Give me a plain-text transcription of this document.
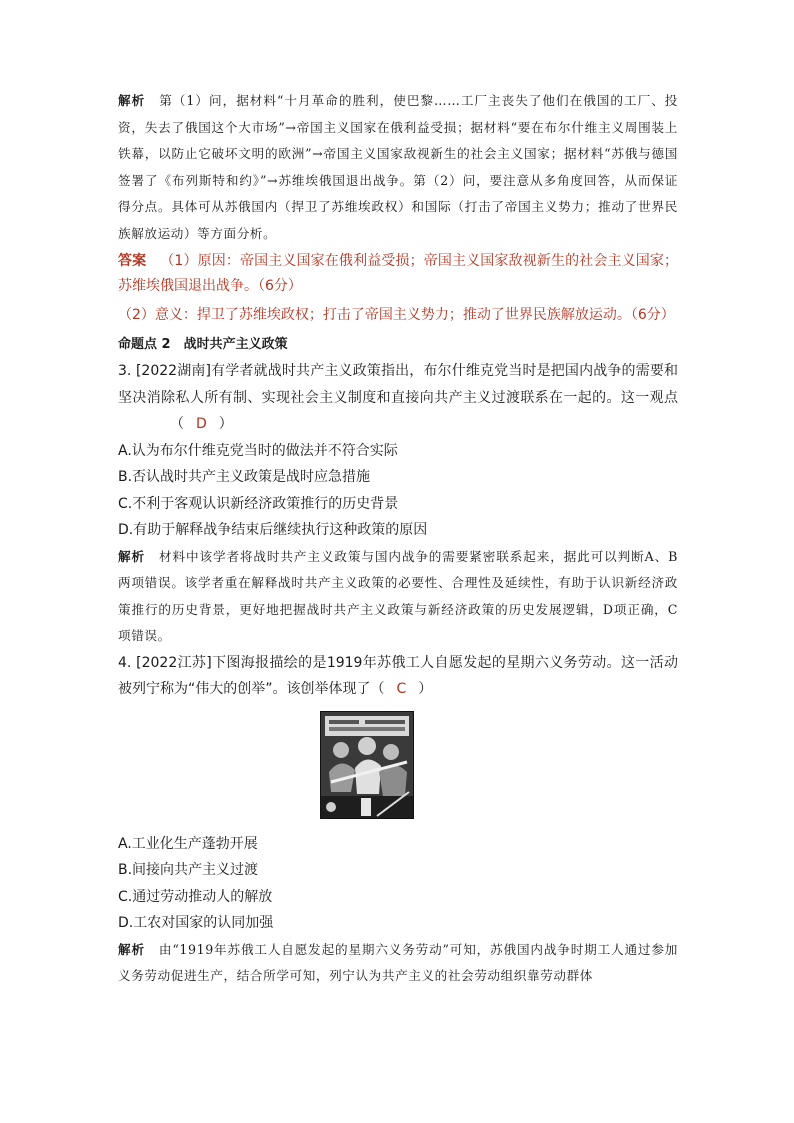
解析 第（1）问，据材料“十月革命的胜利，使巴黎……工厂主丧失了他们在俄国的工厂、投资，失去了俄国这个大市场”→帝国主义国家在俄利益受损；据材料“要在布尔什维主义周围装上铁幕，以防止它破坏文明的欧洲”→帝国主义国家敌视新生的社会主义国家；据材料“苏俄与德国签署了《布列斯特和约》”→苏维埃俄国退出战争。第（2）问，要注意从多角度回答，从而保证得分点。具体可从苏俄国内（捍卫了苏维埃政权）和国际（打击了帝国主义势力；推动了世界民族解放运动）等方面分析。

答案 （1）原因：帝国主义国家在俄利益受损；帝国主义国家敌视新生的社会主义国家；苏维埃俄国退出战争。（6分）

（2）意义：捍卫了苏维埃政权；打击了帝国主义势力；推动了世界民族解放运动。（6分）

命题点 2　战时共产主义政策

3. [2022湖南]有学者就战时共产主义政策指出，布尔什维克党当时是把国内战争的需要和坚决消除私人所有制、实现社会主义制度和直接向共产主义过渡联系在一起的。这一观点（ D ）

A.认为布尔什维克党当时的做法并不符合实际
B.否认战时共产主义政策是战时应急措施
C.不利于客观认识新经济政策推行的历史背景
D.有助于解释战争结束后继续执行这种政策的原因

解析 材料中该学者将战时共产主义政策与国内战争的需要紧密联系起来，据此可以判断A、B两项错误。该学者重在解释战时共产主义政策的必要性、合理性及延续性，有助于认识新经济政策推行的历史背景，更好地把握战时共产主义政策与新经济政策的历史发展逻辑，D项正确，C项错误。

4. [2022江苏]下图海报描绘的是1919年苏俄工人自愿发起的星期六义务劳动。这一活动被列宁称为“伟大的创举”。该创举体现了（ C ）

A.工业化生产蓬勃开展
B.间接向共产主义过渡
C.通过劳动推动人的解放
D.工农对国家的认同加强

解析 由“1919年苏俄工人自愿发起的星期六义务劳动”可知，苏俄国内战争时期工人通过参加义务劳动促进生产，结合所学可知，列宁认为共产主义的社会劳动组织靠劳动群体
